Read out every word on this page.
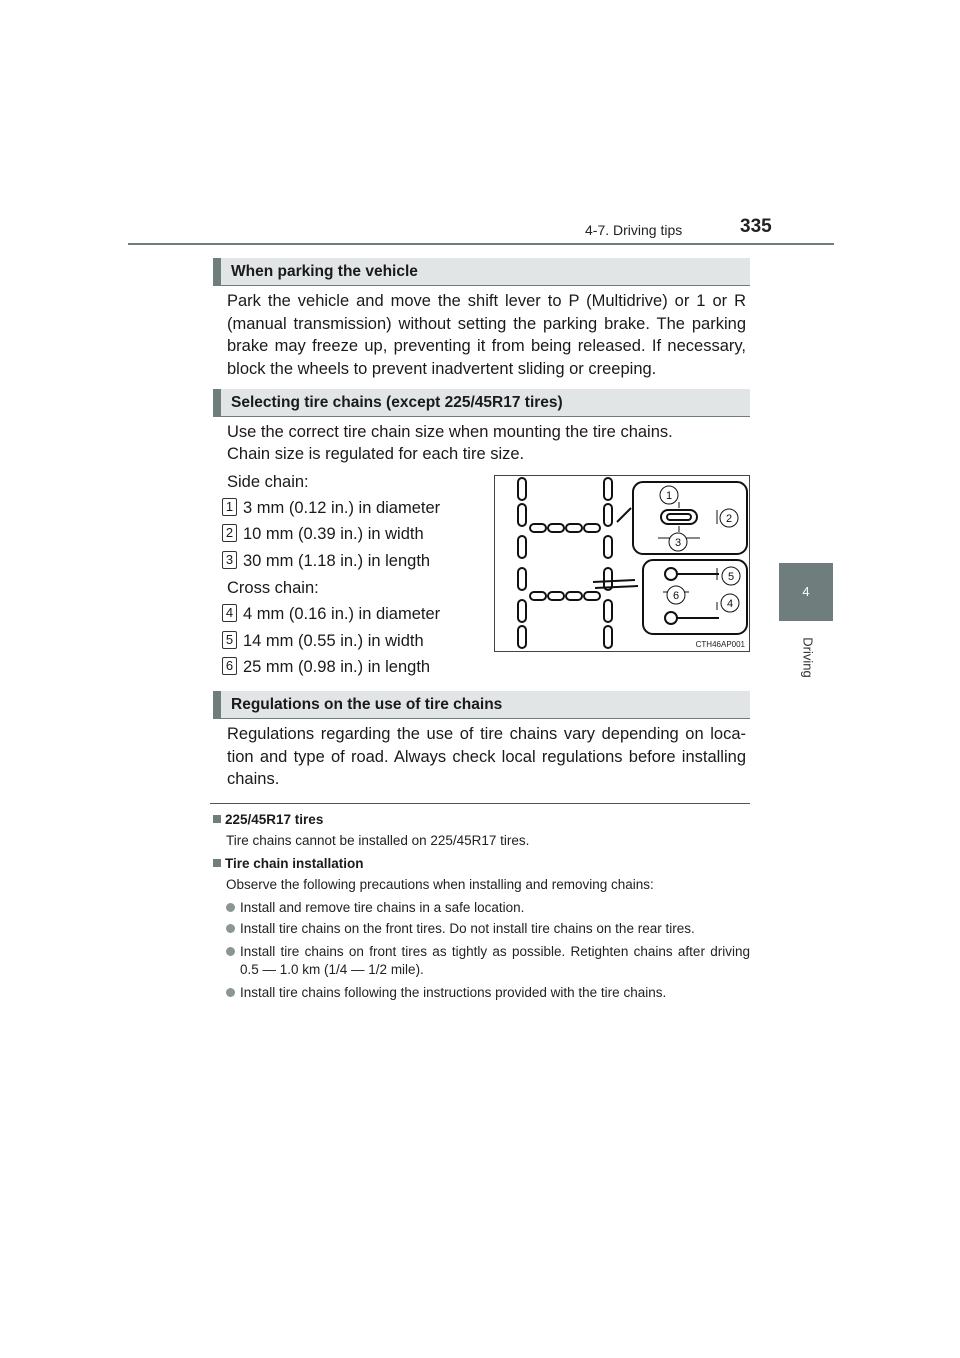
4-7. Driving tips	335
4
Driving
When parking the vehicle
Park the vehicle and move the shift lever to P (Multidrive) or 1 or R (manual transmission) without setting the parking brake. The parking brake may freeze up, preventing it from being released. If necessary, block the wheels to prevent inadvertent sliding or creeping.
Selecting tire chains (except 225/45R17 tires)
Use the correct tire chain size when mounting the tire chains.
Chain size is regulated for each tire size.
Side chain:
1 3 mm (0.12 in.) in diameter
2 10 mm (0.39 in.) in width
3 30 mm (1.18 in.) in length
Cross chain:
4 4 mm (0.16 in.) in diameter
5 14 mm (0.55 in.) in width
6 25 mm (0.98 in.) in length
1
2
3
4
5
6
CTH46AP001
Regulations on the use of tire chains
Regulations regarding the use of tire chains vary depending on loca-tion and type of road. Always check local regulations before installing chains.
225/45R17 tires
Tire chains cannot be installed on 225/45R17 tires.
Tire chain installation
Observe the following precautions when installing and removing chains:
Install and remove tire chains in a safe location.
Install tire chains on the front tires. Do not install tire chains on the rear tires.
Install tire chains on front tires as tightly as possible. Retighten chains after driving 0.5 — 1.0 km (1/4 — 1/2 mile).
Install tire chains following the instructions provided with the tire chains.
